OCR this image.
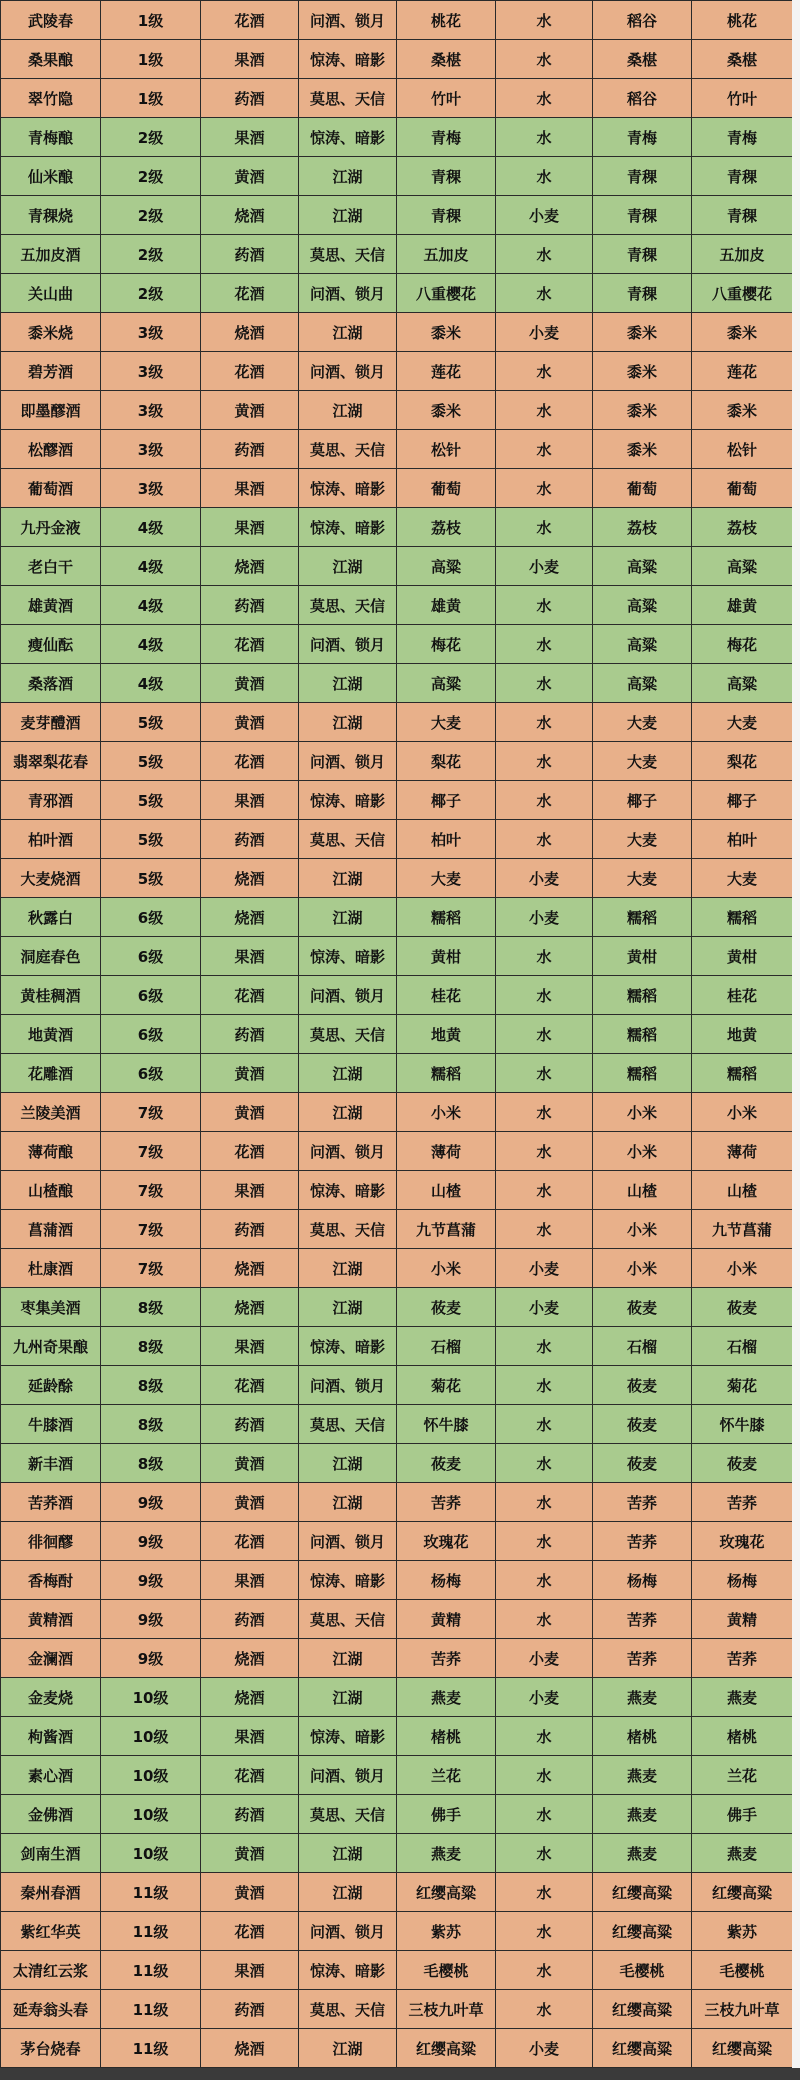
武陵春	1级	花酒	问酒、锁月	桃花	水	稻谷	桃花
桑果酿	1级	果酒	惊涛、暗影	桑椹	水	桑椹	桑椹
翠竹隐	1级	药酒	莫思、天信	竹叶	水	稻谷	竹叶
青梅酿	2级	果酒	惊涛、暗影	青梅	水	青梅	青梅
仙米酿	2级	黄酒	江湖	青稞	水	青稞	青稞
青稞烧	2级	烧酒	江湖	青稞	小麦	青稞	青稞
五加皮酒	2级	药酒	莫思、天信	五加皮	水	青稞	五加皮
关山曲	2级	花酒	问酒、锁月	八重樱花	水	青稞	八重樱花
黍米烧	3级	烧酒	江湖	黍米	小麦	黍米	黍米
碧芳酒	3级	花酒	问酒、锁月	莲花	水	黍米	莲花
即墨醪酒	3级	黄酒	江湖	黍米	水	黍米	黍米
松醪酒	3级	药酒	莫思、天信	松针	水	黍米	松针
葡萄酒	3级	果酒	惊涛、暗影	葡萄	水	葡萄	葡萄
九丹金液	4级	果酒	惊涛、暗影	荔枝	水	荔枝	荔枝
老白干	4级	烧酒	江湖	高粱	小麦	高粱	高粱
雄黄酒	4级	药酒	莫思、天信	雄黄	水	高粱	雄黄
瘦仙酝	4级	花酒	问酒、锁月	梅花	水	高粱	梅花
桑落酒	4级	黄酒	江湖	高粱	水	高粱	高粱
麦芽醴酒	5级	黄酒	江湖	大麦	水	大麦	大麦
翡翠梨花春	5级	花酒	问酒、锁月	梨花	水	大麦	梨花
青邪酒	5级	果酒	惊涛、暗影	椰子	水	椰子	椰子
柏叶酒	5级	药酒	莫思、天信	柏叶	水	大麦	柏叶
大麦烧酒	5级	烧酒	江湖	大麦	小麦	大麦	大麦
秋露白	6级	烧酒	江湖	糯稻	小麦	糯稻	糯稻
洞庭春色	6级	果酒	惊涛、暗影	黄柑	水	黄柑	黄柑
黄桂稠酒	6级	花酒	问酒、锁月	桂花	水	糯稻	桂花
地黄酒	6级	药酒	莫思、天信	地黄	水	糯稻	地黄
花雕酒	6级	黄酒	江湖	糯稻	水	糯稻	糯稻
兰陵美酒	7级	黄酒	江湖	小米	水	小米	小米
薄荷酿	7级	花酒	问酒、锁月	薄荷	水	小米	薄荷
山楂酿	7级	果酒	惊涛、暗影	山楂	水	山楂	山楂
菖蒲酒	7级	药酒	莫思、天信	九节菖蒲	水	小米	九节菖蒲
杜康酒	7级	烧酒	江湖	小米	小麦	小米	小米
枣集美酒	8级	烧酒	江湖	莜麦	小麦	莜麦	莜麦
九州奇果酿	8级	果酒	惊涛、暗影	石榴	水	石榴	石榴
延龄酴	8级	花酒	问酒、锁月	菊花	水	莜麦	菊花
牛膝酒	8级	药酒	莫思、天信	怀牛膝	水	莜麦	怀牛膝
新丰酒	8级	黄酒	江湖	莜麦	水	莜麦	莜麦
苦荞酒	9级	黄酒	江湖	苦荞	水	苦荞	苦荞
徘徊醪	9级	花酒	问酒、锁月	玫瑰花	水	苦荞	玫瑰花
香梅酎	9级	果酒	惊涛、暗影	杨梅	水	杨梅	杨梅
黄精酒	9级	药酒	莫思、天信	黄精	水	苦荞	黄精
金澜酒	9级	烧酒	江湖	苦荞	小麦	苦荞	苦荞
金麦烧	10级	烧酒	江湖	燕麦	小麦	燕麦	燕麦
枸酱酒	10级	果酒	惊涛、暗影	楮桃	水	楮桃	楮桃
素心酒	10级	花酒	问酒、锁月	兰花	水	燕麦	兰花
金佛酒	10级	药酒	莫思、天信	佛手	水	燕麦	佛手
剑南生酒	10级	黄酒	江湖	燕麦	水	燕麦	燕麦
秦州春酒	11级	黄酒	江湖	红缨高粱	水	红缨高粱	红缨高粱
紫红华英	11级	花酒	问酒、锁月	紫苏	水	红缨高粱	紫苏
太清红云浆	11级	果酒	惊涛、暗影	毛樱桃	水	毛樱桃	毛樱桃
延寿翁头春	11级	药酒	莫思、天信	三枝九叶草	水	红缨高粱	三枝九叶草
茅台烧春	11级	烧酒	江湖	红缨高粱	小麦	红缨高粱	红缨高粱
